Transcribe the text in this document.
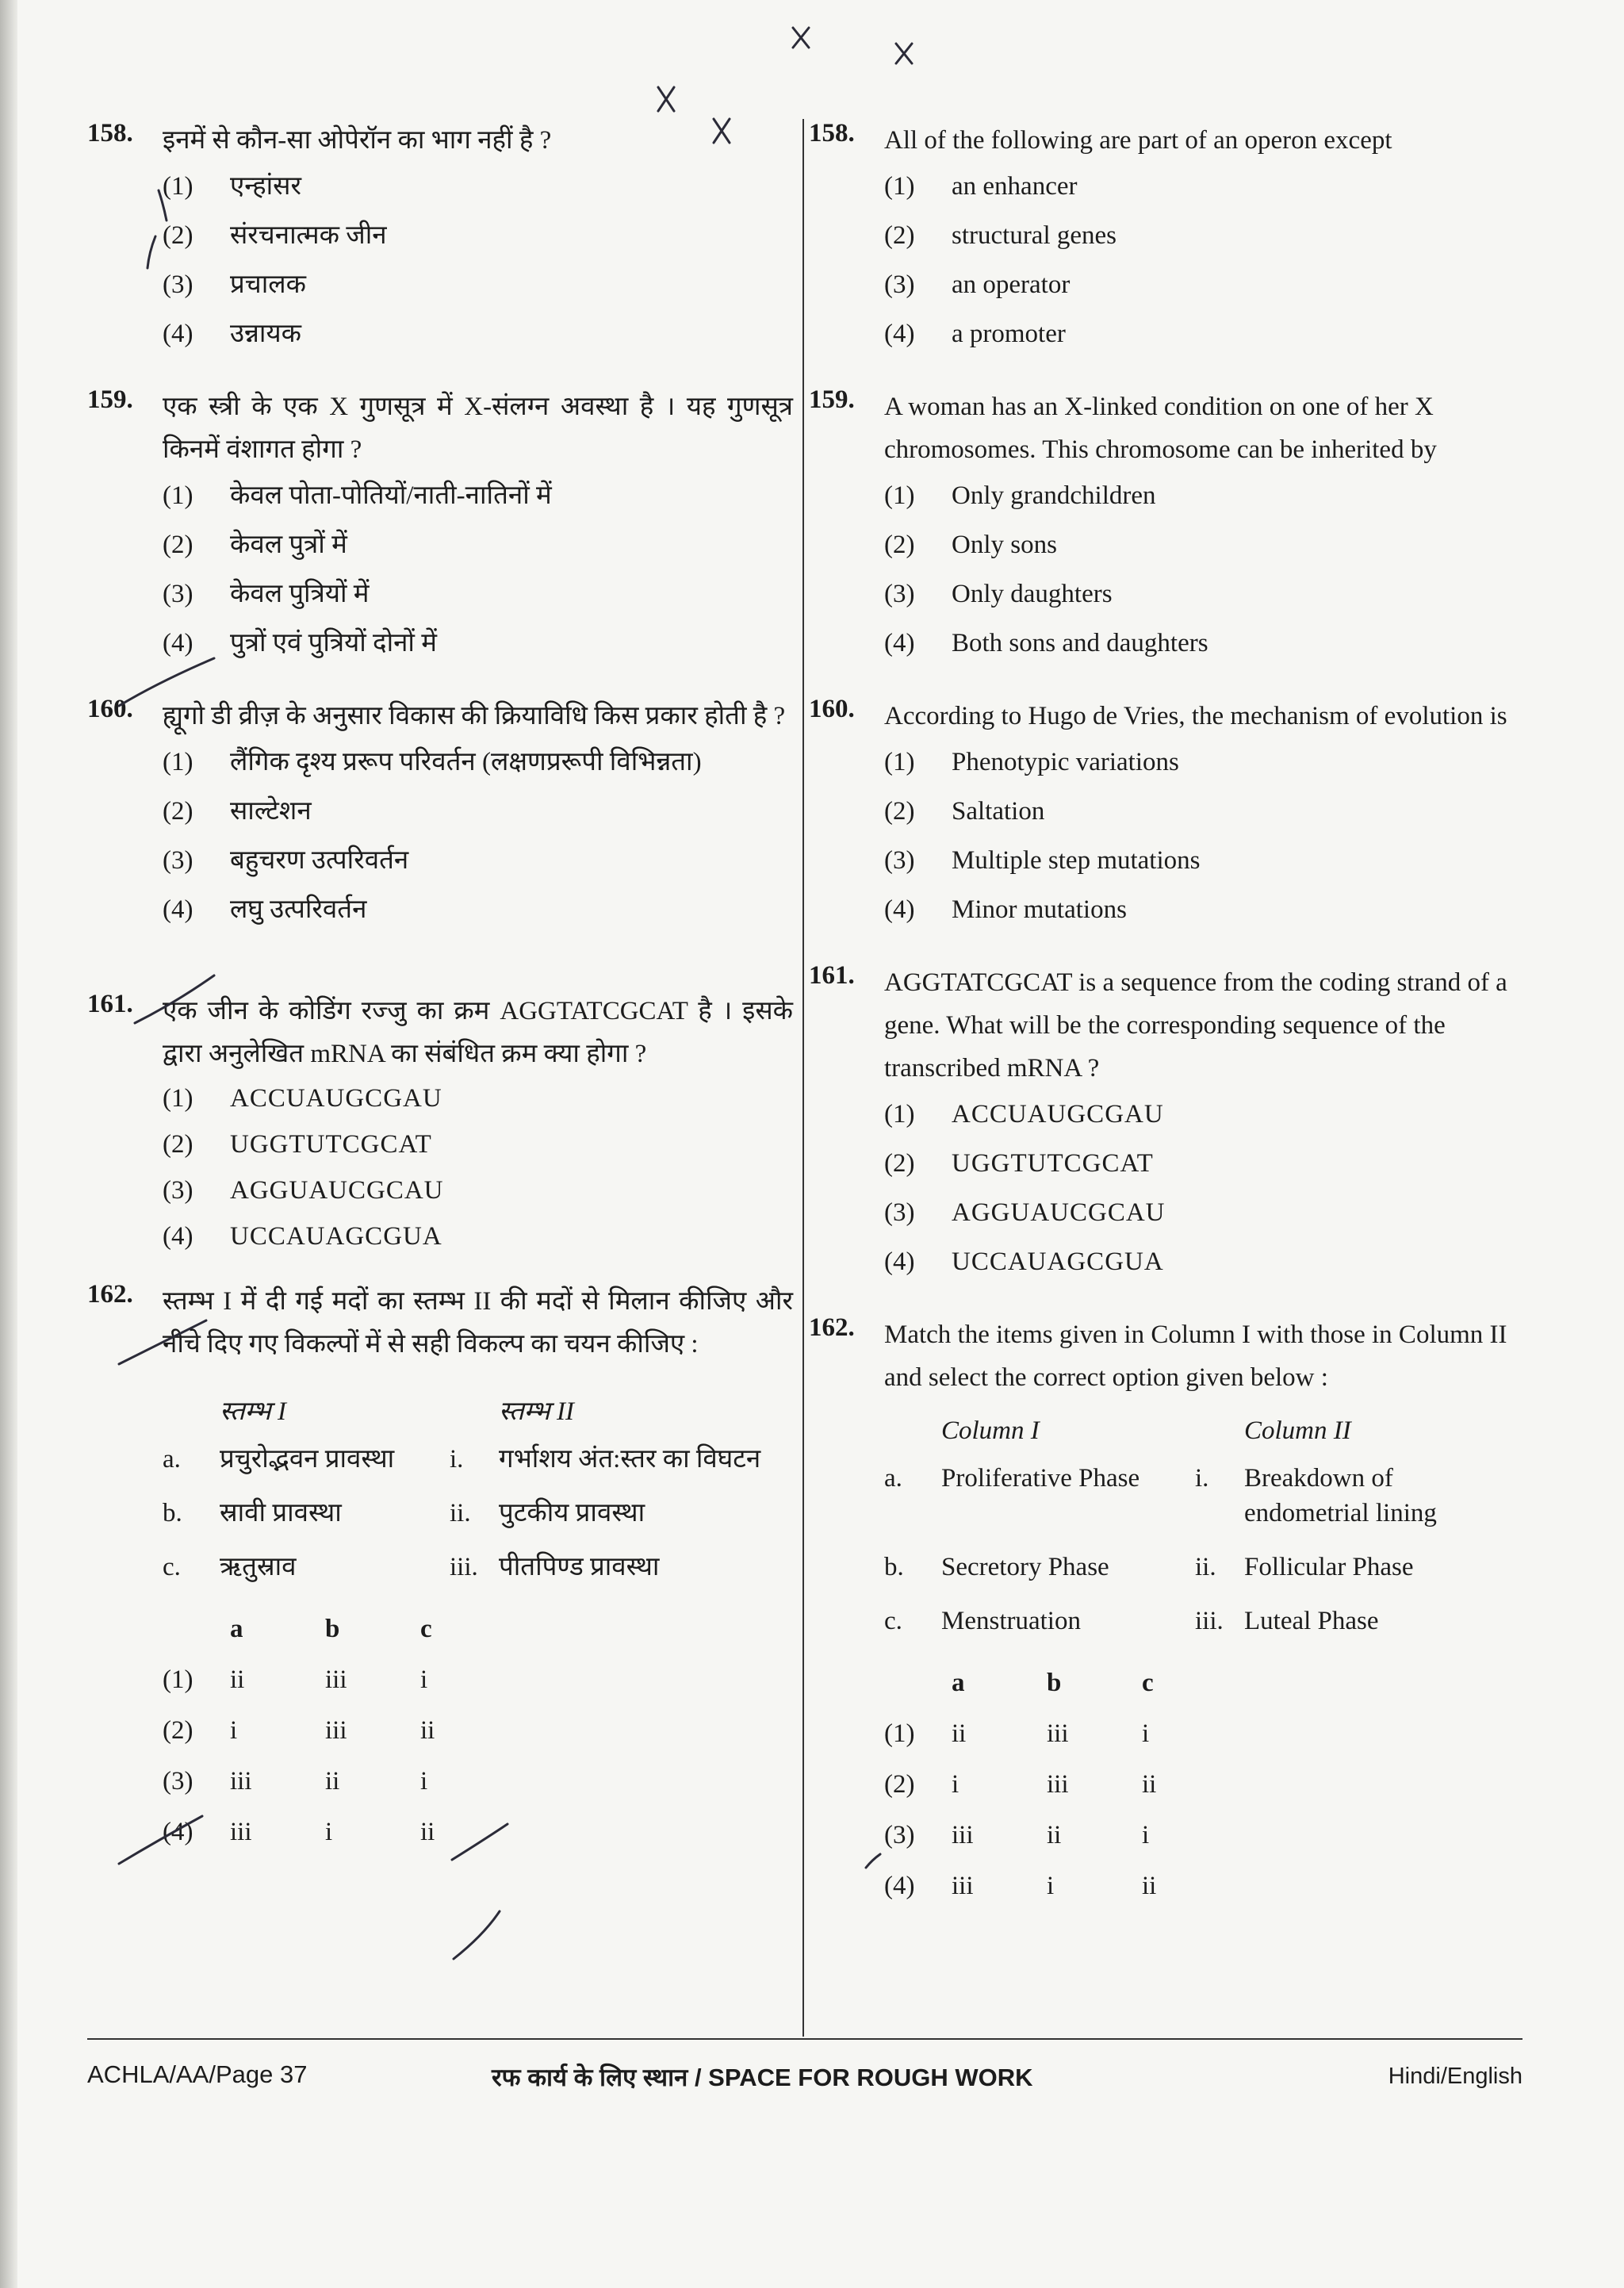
158. इनमें से कौन-सा ओपेरॉन का भाग नहीं है ?
(1)	एन्हांसर
(2)	संरचनात्मक जीन
(3)	प्रचालक
(4)	उन्नायक
159. एक स्त्री के एक X गुणसूत्र में X-संलग्न अवस्था है । यह गुणसूत्र किनमें वंशागत होगा ?
(1)	केवल पोता-पोतियों/नाती-नातिनों में
(2)	केवल पुत्रों में
(3)	केवल पुत्रियों में
(4)	पुत्रों एवं पुत्रियों दोनों में
160. ह्यूगो डी व्रीज़ के अनुसार विकास की क्रियाविधि किस प्रकार होती है ?
(1)	लैंगिक दृश्य प्ररूप परिवर्तन (लक्षणप्ररूपी विभिन्नता)
(2)	साल्टेशन
(3)	बहुचरण उत्परिवर्तन
(4)	लघु उत्परिवर्तन
161. एक जीन के कोडिंग रज्जु का क्रम AGGTATCGCAT है । इसके द्वारा अनुलेखित mRNA का संबंधित क्रम क्या होगा ?
(1)	ACCUAUGCGAU
(2)	UGGTUTCGCAT
(3)	AGGUAUCGCAU
(4)	UCCAUAGCGUA
162. स्तम्भ I में दी गई मदों का स्तम्भ II की मदों से मिलान कीजिए और नीचे दिए गए विकल्पों में से सही विकल्प का चयन कीजिए :
स्तम्भ I	स्तम्भ II
a.	प्रचुरोद्भवन प्रावस्था	i.	गर्भाशय अंत:स्तर का विघटन
b.	स्रावी प्रावस्था	ii.	पुटकीय प्रावस्था
c.	ऋतुस्राव	iii. पीतपिण्ड प्रावस्था
a	b	c
(1)	ii	iii	i
(2)	i	iii	ii
(3)	iii	ii	i
(4)	iii	i	ii
158. All of the following are part of an operon except
(1)	an enhancer
(2)	structural genes
(3)	an operator
(4)	a promoter
159. A woman has an X-linked condition on one of her X chromosomes. This chromosome can be inherited by
(1)	Only grandchildren
(2)	Only sons
(3)	Only daughters
(4)	Both sons and daughters
160. According to Hugo de Vries, the mechanism of evolution is
(1)	Phenotypic variations
(2)	Saltation
(3)	Multiple step mutations
(4)	Minor mutations
161. AGGTATCGCAT is a sequence from the coding strand of a gene. What will be the corresponding sequence of the transcribed mRNA ?
(1)	ACCUAUGCGAU
(2)	UGGTUTCGCAT
(3)	AGGUAUCGCAU
(4)	UCCAUAGCGUA
162. Match the items given in Column I with those in Column II and select the correct option given below :
Column I	Column II
a.	Proliferative Phase	i.	Breakdown of endometrial lining
b.	Secretory Phase	ii.	Follicular Phase
c.	Menstruation	iii. Luteal Phase
a	b	c
(1)	ii	iii	i
(2)	i	iii	ii
(3)	iii	ii	i
(4)	iii	i	ii
ACHLA/AA/Page 37	रफ कार्य के लिए स्थान / SPACE FOR ROUGH WORK	Hindi/English
